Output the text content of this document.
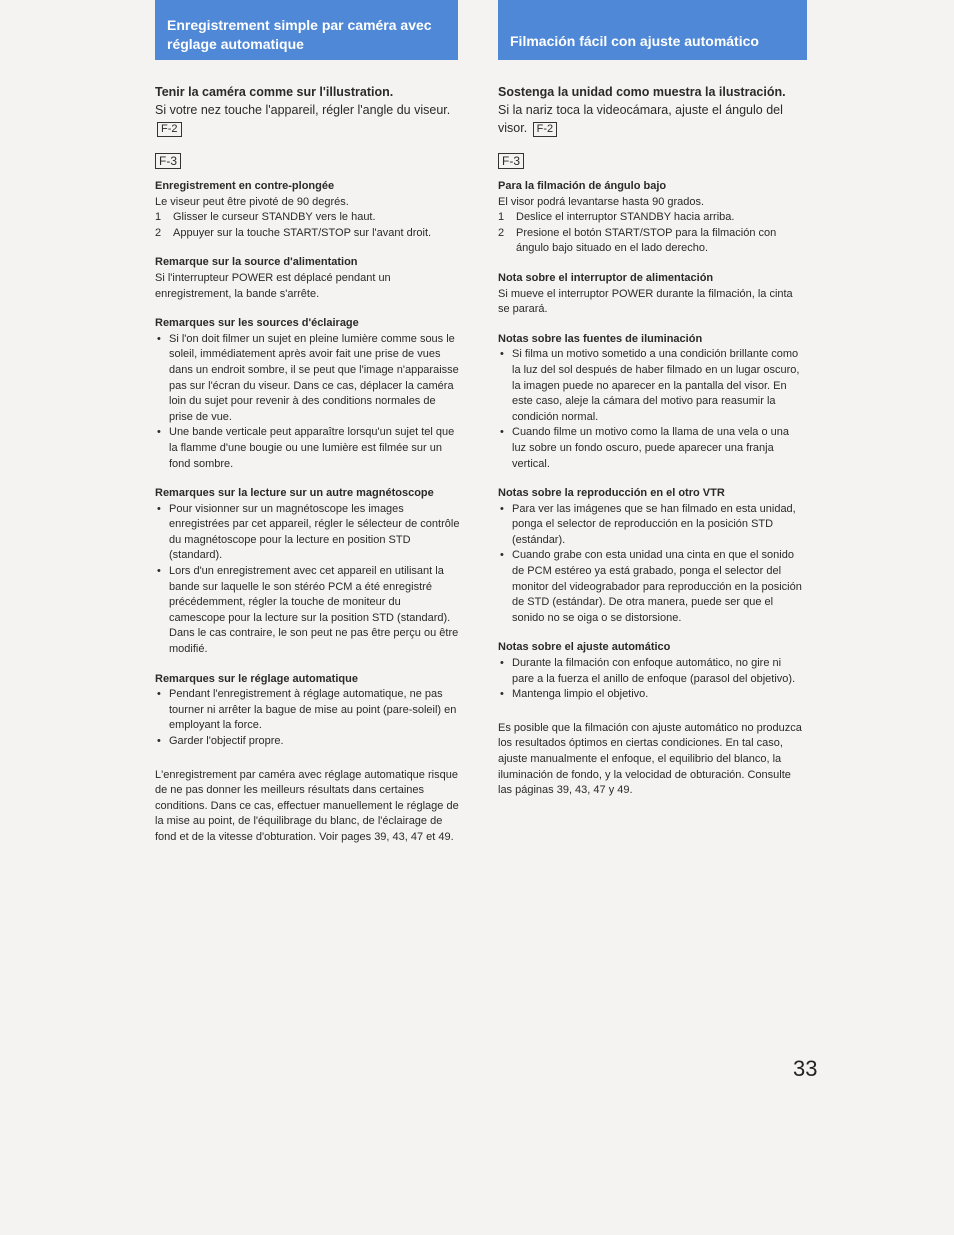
Enregistrement simple par caméra avec réglage automatique	Filmación fácil con ajuste automático
Tenir la caméra comme sur l'illustration.
Si votre nez touche l'appareil, régler l'angle du viseur. F-2
F-3
Enregistrement en contre-plongée

Le viseur peut être pivoté de 90 degrés.

1 Glisser le curseur STANDBY vers le haut.
2 Appuyer sur la touche START/STOP sur l'avant droit.
Remarque sur la source d'alimentation

Si l'interrupteur POWER est déplacé pendant un enregistrement, la bande s'arrête.

Remarques sur les sources d'éclairage
• Si l'on doit filmer un sujet en pleine lumière comme sous le soleil, immédiatement après avoir fait une prise de vues dans un endroit sombre, il se peut que l'image n'apparaisse pas sur l'écran du viseur. Dans ce cas, déplacer la caméra loin du sujet pour revenir à des conditions normales de prise de vue.
• Une bande verticale peut apparaître lorsqu'un sujet tel que la flamme d'une bougie ou une lumière est filmée sur un fond sombre.
Remarques sur la lecture sur un autre magnétoscope
• Pour visionner sur un magnétoscope les images enregistrées par cet appareil, régler le sélecteur de contrôle du magnétoscope pour la lecture en position STD (standard).
• Lors d'un enregistrement avec cet appareil en utilisant la bande sur laquelle le son stéréo PCM a été enregistré précédemment, régler la touche de moniteur du camescope pour la lecture sur la position STD (standard). Dans le cas contraire, le son peut ne pas être perçu ou être modifié.
Remarques sur le réglage automatique
• Pendant l'enregistrement à réglage automatique, ne pas tourner ni arrêter la bague de mise au point (pare-soleil) en employant la force.
• Garder l'objectif propre.

L'enregistrement par caméra avec réglage automatique risque de ne pas donner les meilleurs résultats dans certaines conditions. Dans ce cas, effectuer manuellement le réglage de la mise au point, de l'équilibrage du blanc, de l'éclairage de fond et de la vitesse d'obturation. Voir pages 39, 43, 47 et 49.

Sostenga la unidad como muestra la ilustración.
Si la nariz toca la videocámara, ajuste el ángulo del visor. F-2
F-3
Para la filmación de ángulo bajo

El visor podrá levantarse hasta 90 grados.

1 Deslice el interruptor STANDBY hacia arriba.
2 Presione el botón START/STOP para la filmación con ángulo bajo situado en el lado derecho.
Nota sobre el interruptor de alimentación

Si mueve el interruptor POWER durante la filmación, la cinta se parará.

Notas sobre las fuentes de iluminación
• Si filma un motivo sometido a una condición brillante como la luz del sol después de haber filmado en un lugar oscuro, la imagen puede no aparecer en la pantalla del visor. En este caso, aleje la cámara del motivo para reasumir la condición normal.
• Cuando filme un motivo como la llama de una vela o una luz sobre un fondo oscuro, puede aparecer una franja vertical.
Notas sobre la reproducción en el otro VTR
• Para ver las imágenes que se han filmado en esta unidad, ponga el selector de reproducción en la posición STD (estándar).
• Cuando grabe con esta unidad una cinta en que el sonido de PCM estéreo ya está grabado, ponga el selector del monitor del videograbador para reproducción en la posición de STD (estándar). De otra manera, puede ser que el sonido no se oiga o se distorsione.
Notas sobre el ajuste automático
• Durante la filmación con enfoque automático, no gire ni pare a la fuerza el anillo de enfoque (parasol del objetivo).
• Mantenga limpio el objetivo.

Es posible que la filmación con ajuste automático no produzca los resultados óptimos en ciertas condiciones. En tal caso, ajuste manualmente el enfoque, el equilibrio del blanco, la iluminación de fondo, y la velocidad de obturación. Consulte las páginas 39, 43, 47 y 49.

33
